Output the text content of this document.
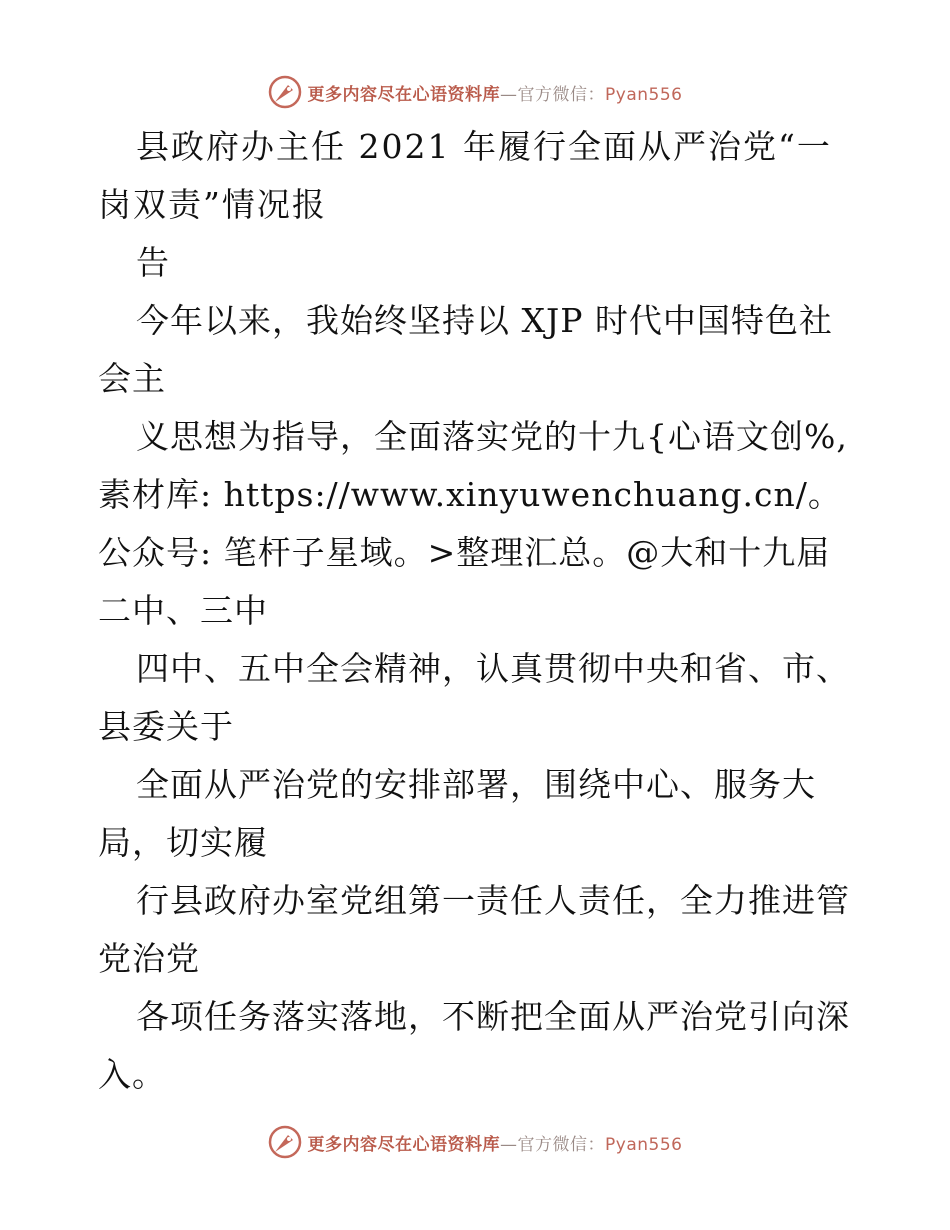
更多内容尽在心语资料库—官方微信：Pyan556

县政府办主任 2021 年履行全面从严治党“一岗双责”情况报

告

今年以来，我始终坚持以 XJP 时代中国特色社会主

义思想为指导，全面落实党的十九{心语文创%,素材库: https://www.xinyuwenchuang.cn/。公众号: 笔杆子星域。>整理汇总。@大和十九届二中、三中

四中、五中全会精神，认真贯彻中央和省、市、县委关于

全面从严治党的安排部署，围绕中心、服务大局，切实履

行县政府办室党组第一责任人责任，全力推进管党治党

各项任务落实落地，不断把全面从严治党引向深入。

更多内容尽在心语资料库—官方微信：Pyan556
